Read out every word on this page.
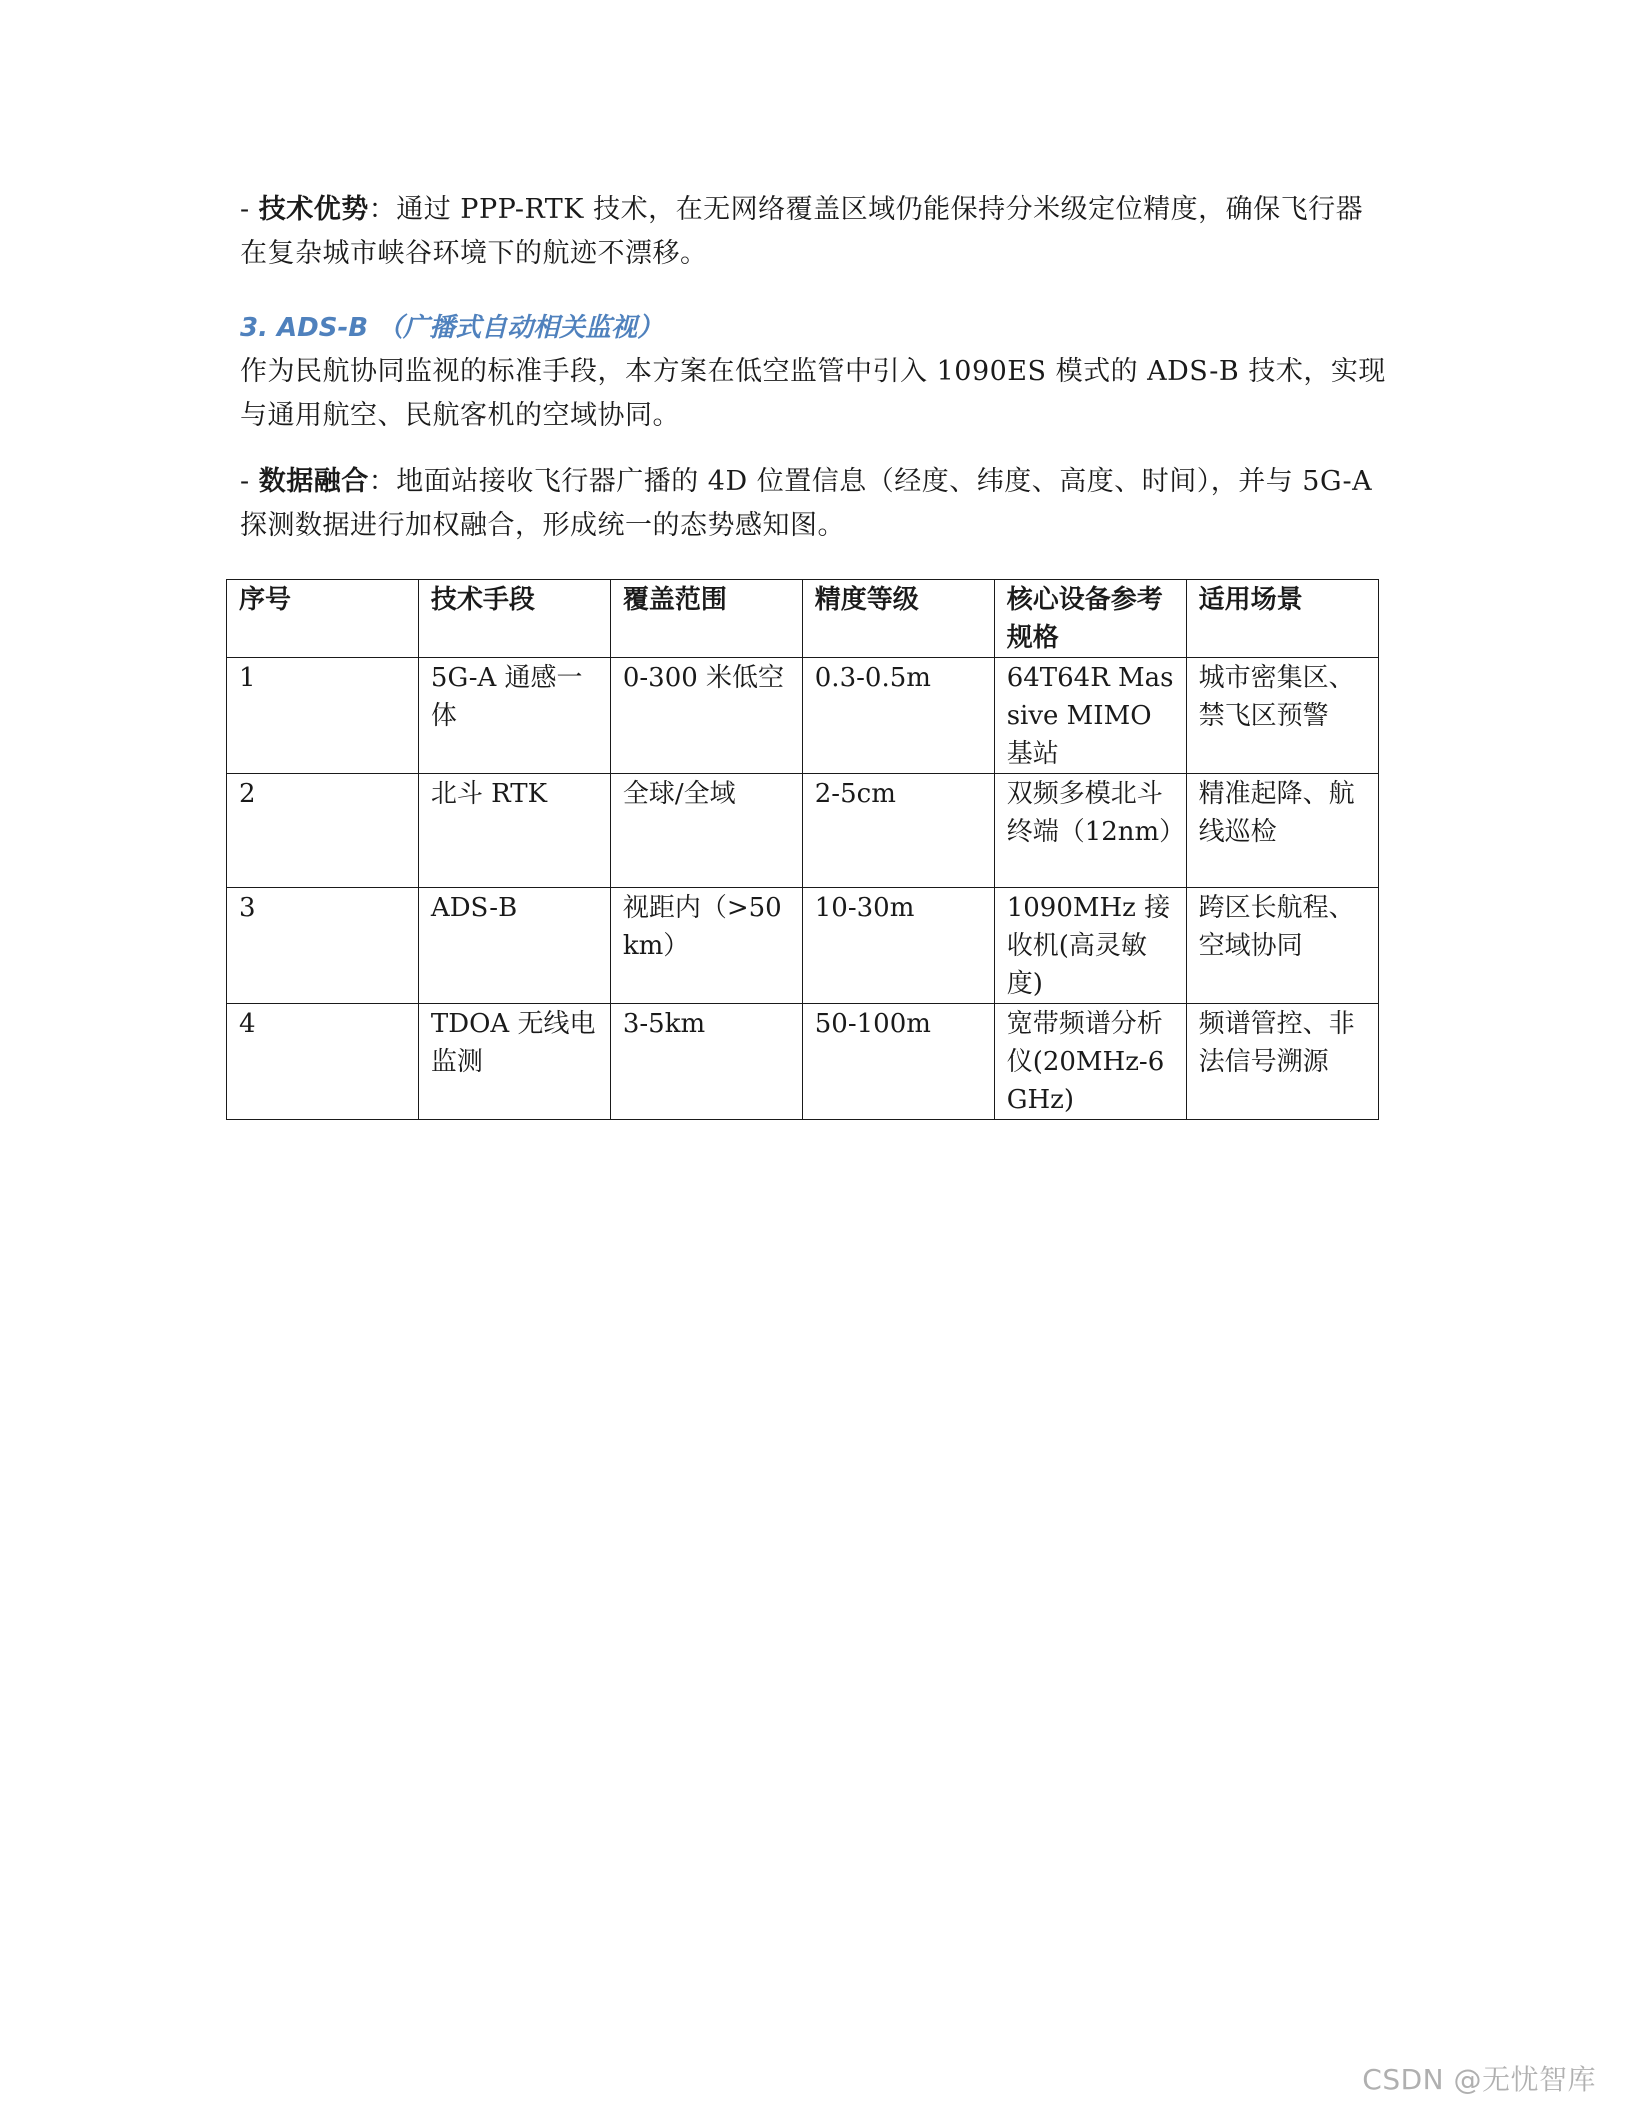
- 技术优势：通过 PPP-RTK 技术，在无网络覆盖区域仍能保持分米级定位精度，确保飞行器在复杂城市峡谷环境下的航迹不漂移。

3. ADS-B （广播式自动相关监视）

作为民航协同监视的标准手段，本方案在低空监管中引入 1090ES 模式的 ADS-B 技术，实现与通用航空、民航客机的空域协同。

- 数据融合：地面站接收飞行器广播的 4D 位置信息（经度、纬度、高度、时间），并与 5G-A 探测数据进行加权融合，形成统一的态势感知图。

序号	技术手段	覆盖范围	精度等级	核心设备参考规格	适用场景
1	5G-A 通感一体	0-300 米低空	0.3-0.5m	64T64R Massive MIMO 基站	城市密集区、禁飞区预警
2	北斗 RTK	全球/全域	2-5cm	双频多模北斗终端（12nm）	精准起降、航线巡检
3	ADS-B	视距内（>50km）	10-30m	1090MHz 接收机(高灵敏度)	跨区长航程、空域协同
4	TDOA 无线电监测	3-5km	50-100m	宽带频谱分析仪(20MHz-6GHz)	频谱管控、非法信号溯源
CSDN @无忧智库
